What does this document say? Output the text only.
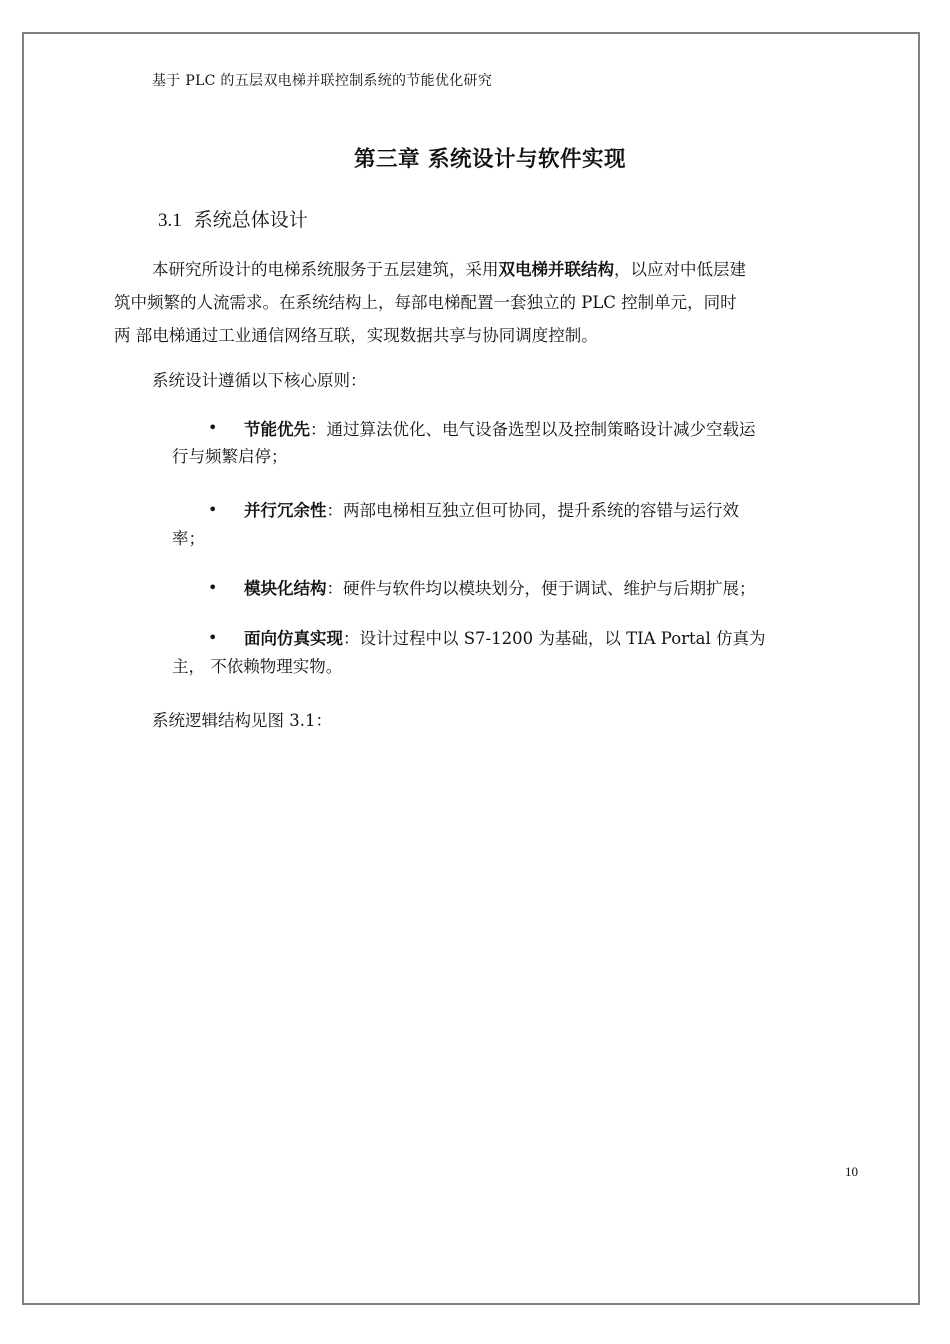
基于 PLC 的五层双电梯并联控制系统的节能优化研究
第三章 系统设计与软件实现
3.1 系统总体设计
本研究所设计的电梯系统服务于五层建筑，采用双电梯并联结构，以应对中低层建
筑中频繁的人流需求。在系统结构上，每部电梯配置一套独立的 PLC 控制单元，同时
两 部电梯通过工业通信网络互联，实现数据共享与协同调度控制。
系统设计遵循以下核心原则：
• 节能优先：通过算法优化、电气设备选型以及控制策略设计减少空载运
行与频繁启停；
• 并行冗余性：两部电梯相互独立但可协同，提升系统的容错与运行效
率；
• 模块化结构：硬件与软件均以模块划分，便于调试、维护与后期扩展；
• 面向仿真实现：设计过程中以 S7-1200 为基础，以 TIA Portal 仿真为
主， 不依赖物理实物。
系统逻辑结构见图 3.1：
10
